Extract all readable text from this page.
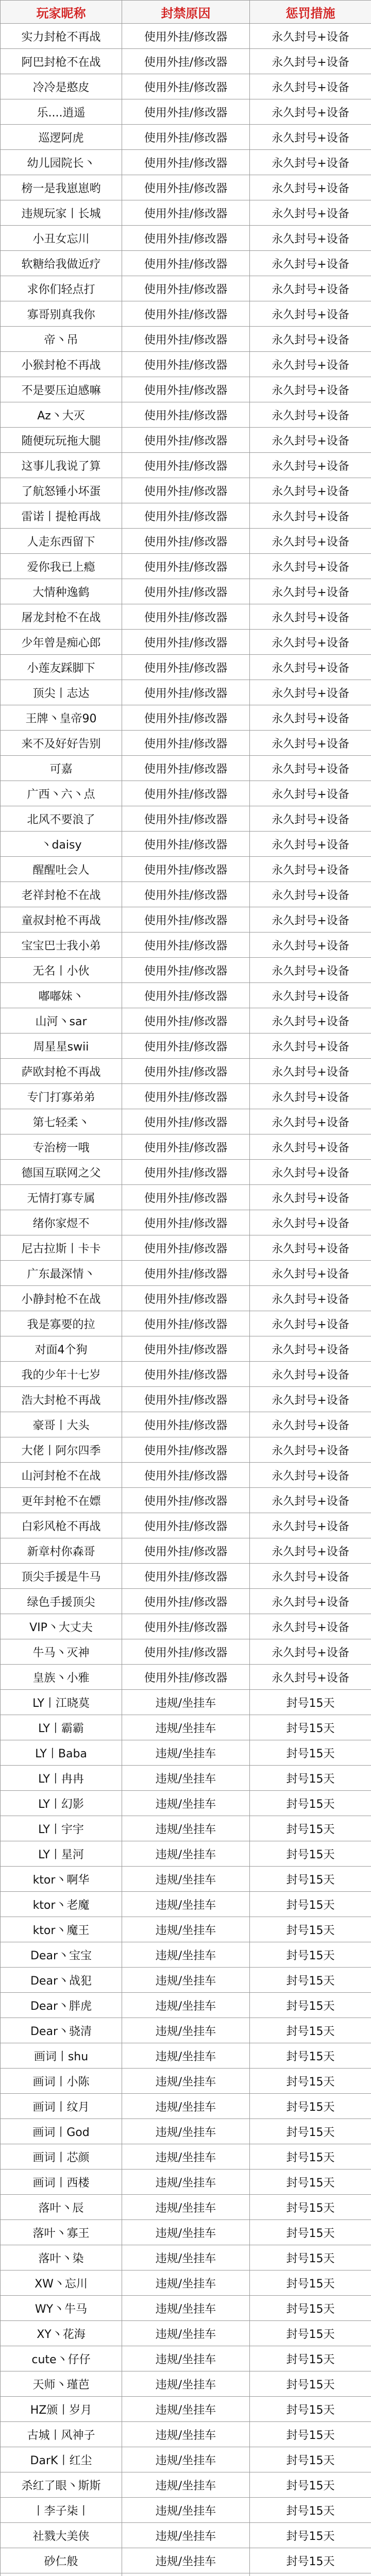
玩家昵称	封禁原因	惩罚措施
实力封枪不再战	使用外挂/修改器	永久封号+设备
阿巴封枪不在战	使用外挂/修改器	永久封号+设备
冷冷是憨皮	使用外挂/修改器	永久封号+设备
乐....逍遥	使用外挂/修改器	永久封号+设备
巡逻阿虎	使用外挂/修改器	永久封号+设备
幼儿园院长丶	使用外挂/修改器	永久封号+设备
榜一是我崽崽哟	使用外挂/修改器	永久封号+设备
违规玩家丨长城	使用外挂/修改器	永久封号+设备
小丑女忘川	使用外挂/修改器	永久封号+设备
软糖给我做近疗	使用外挂/修改器	永久封号+设备
求你们轻点打	使用外挂/修改器	永久封号+设备
寡哥别真我你	使用外挂/修改器	永久封号+设备
帝丶吊	使用外挂/修改器	永久封号+设备
小猴封枪不再战	使用外挂/修改器	永久封号+设备
不是要压迫感嘛	使用外挂/修改器	永久封号+设备
Az丶大灭	使用外挂/修改器	永久封号+设备
随便玩玩拖大腿	使用外挂/修改器	永久封号+设备
这事儿我说了算	使用外挂/修改器	永久封号+设备
了航怒锤小坏蛋	使用外挂/修改器	永久封号+设备
雷诺丨提枪再战	使用外挂/修改器	永久封号+设备
人走东西留下	使用外挂/修改器	永久封号+设备
爱你我已上瘾	使用外挂/修改器	永久封号+设备
大情种逸鹤	使用外挂/修改器	永久封号+设备
屠龙封枪不在战	使用外挂/修改器	永久封号+设备
少年曾是痴心郎	使用外挂/修改器	永久封号+设备
小莲友踩脚下	使用外挂/修改器	永久封号+设备
顶尖丨志达	使用外挂/修改器	永久封号+设备
王牌丶皇帝90	使用外挂/修改器	永久封号+设备
来不及好好告别	使用外挂/修改器	永久封号+设备
可嘉	使用外挂/修改器	永久封号+设备
广西丶六丶点	使用外挂/修改器	永久封号+设备
北风不要浪了	使用外挂/修改器	永久封号+设备
丶daisy	使用外挂/修改器	永久封号+设备
醒醒吐会人	使用外挂/修改器	永久封号+设备
老祥封枪不在战	使用外挂/修改器	永久封号+设备
童叔封枪不再战	使用外挂/修改器	永久封号+设备
宝宝巴士我小弟	使用外挂/修改器	永久封号+设备
无名丨小伙	使用外挂/修改器	永久封号+设备
嘟嘟妹丶	使用外挂/修改器	永久封号+设备
山河丶sar	使用外挂/修改器	永久封号+设备
周星星swii	使用外挂/修改器	永久封号+设备
萨欧封枪不再战	使用外挂/修改器	永久封号+设备
专门打寡弟弟	使用外挂/修改器	永久封号+设备
第七轻柔丶	使用外挂/修改器	永久封号+设备
专治榜一哦	使用外挂/修改器	永久封号+设备
德国互联网之父	使用外挂/修改器	永久封号+设备
无情打寡专属	使用外挂/修改器	永久封号+设备
绪你家煜不	使用外挂/修改器	永久封号+设备
尼古拉斯丨卡卡	使用外挂/修改器	永久封号+设备
广东最深情丶	使用外挂/修改器	永久封号+设备
小静封枪不在战	使用外挂/修改器	永久封号+设备
我是寡要的拉	使用外挂/修改器	永久封号+设备
对面4个狗	使用外挂/修改器	永久封号+设备
我的少年十七岁	使用外挂/修改器	永久封号+设备
浩大封枪不再战	使用外挂/修改器	永久封号+设备
豪哥丨大头	使用外挂/修改器	永久封号+设备
大佬丨阿尔四季	使用外挂/修改器	永久封号+设备
山河封枪不在战	使用外挂/修改器	永久封号+设备
更年封枪不在嫖	使用外挂/修改器	永久封号+设备
白彩风枪不再战	使用外挂/修改器	永久封号+设备
新章村你森哥	使用外挂/修改器	永久封号+设备
顶尖手援是牛马	使用外挂/修改器	永久封号+设备
绿色手援顶尖	使用外挂/修改器	永久封号+设备
VIP丶大丈夫	使用外挂/修改器	永久封号+设备
牛马丶灭神	使用外挂/修改器	永久封号+设备
皇族丶小雅	使用外挂/修改器	永久封号+设备
LY丨江晓莫	违规/坐挂车	封号15天
LY丨霸霸	违规/坐挂车	封号15天
LY丨Baba	违规/坐挂车	封号15天
LY丨冉冉	违规/坐挂车	封号15天
LY丨幻影	违规/坐挂车	封号15天
LY丨宇宇	违规/坐挂车	封号15天
LY丨星河	违规/坐挂车	封号15天
ktor丶啊华	违规/坐挂车	封号15天
ktor丶老魔	违规/坐挂车	封号15天
ktor丶魔王	违规/坐挂车	封号15天
Dear丶宝宝	违规/坐挂车	封号15天
Dear丶战犯	违规/坐挂车	封号15天
Dear丶胖虎	违规/坐挂车	封号15天
Dear丶骁清	违规/坐挂车	封号15天
画词丨shu	违规/坐挂车	封号15天
画词丨小陈	违规/坐挂车	封号15天
画词丨纹月	违规/坐挂车	封号15天
画词丨God	违规/坐挂车	封号15天
画词丨芯颜	违规/坐挂车	封号15天
画词丨西楼	违规/坐挂车	封号15天
落叶丶辰	违规/坐挂车	封号15天
落叶丶寡王	违规/坐挂车	封号15天
落叶丶染	违规/坐挂车	封号15天
XW丶忘川	违规/坐挂车	封号15天
WY丶牛马	违规/坐挂车	封号15天
XY丶花海	违规/坐挂车	封号15天
cute丶仔仔	违规/坐挂车	封号15天
天师丶瑾芭	违规/坐挂车	封号15天
HZ颁丨岁月	违规/坐挂车	封号15天
古城丨风神子	违规/坐挂车	封号15天
DarK丨红尘	违规/坐挂车	封号15天
杀红了眼丶斯斯	违规/坐挂车	封号15天
丨李子柒丨	违规/坐挂车	封号15天
社戮大美侠	违规/坐挂车	封号15天
砂仁般	违规/坐挂车	封号15天
